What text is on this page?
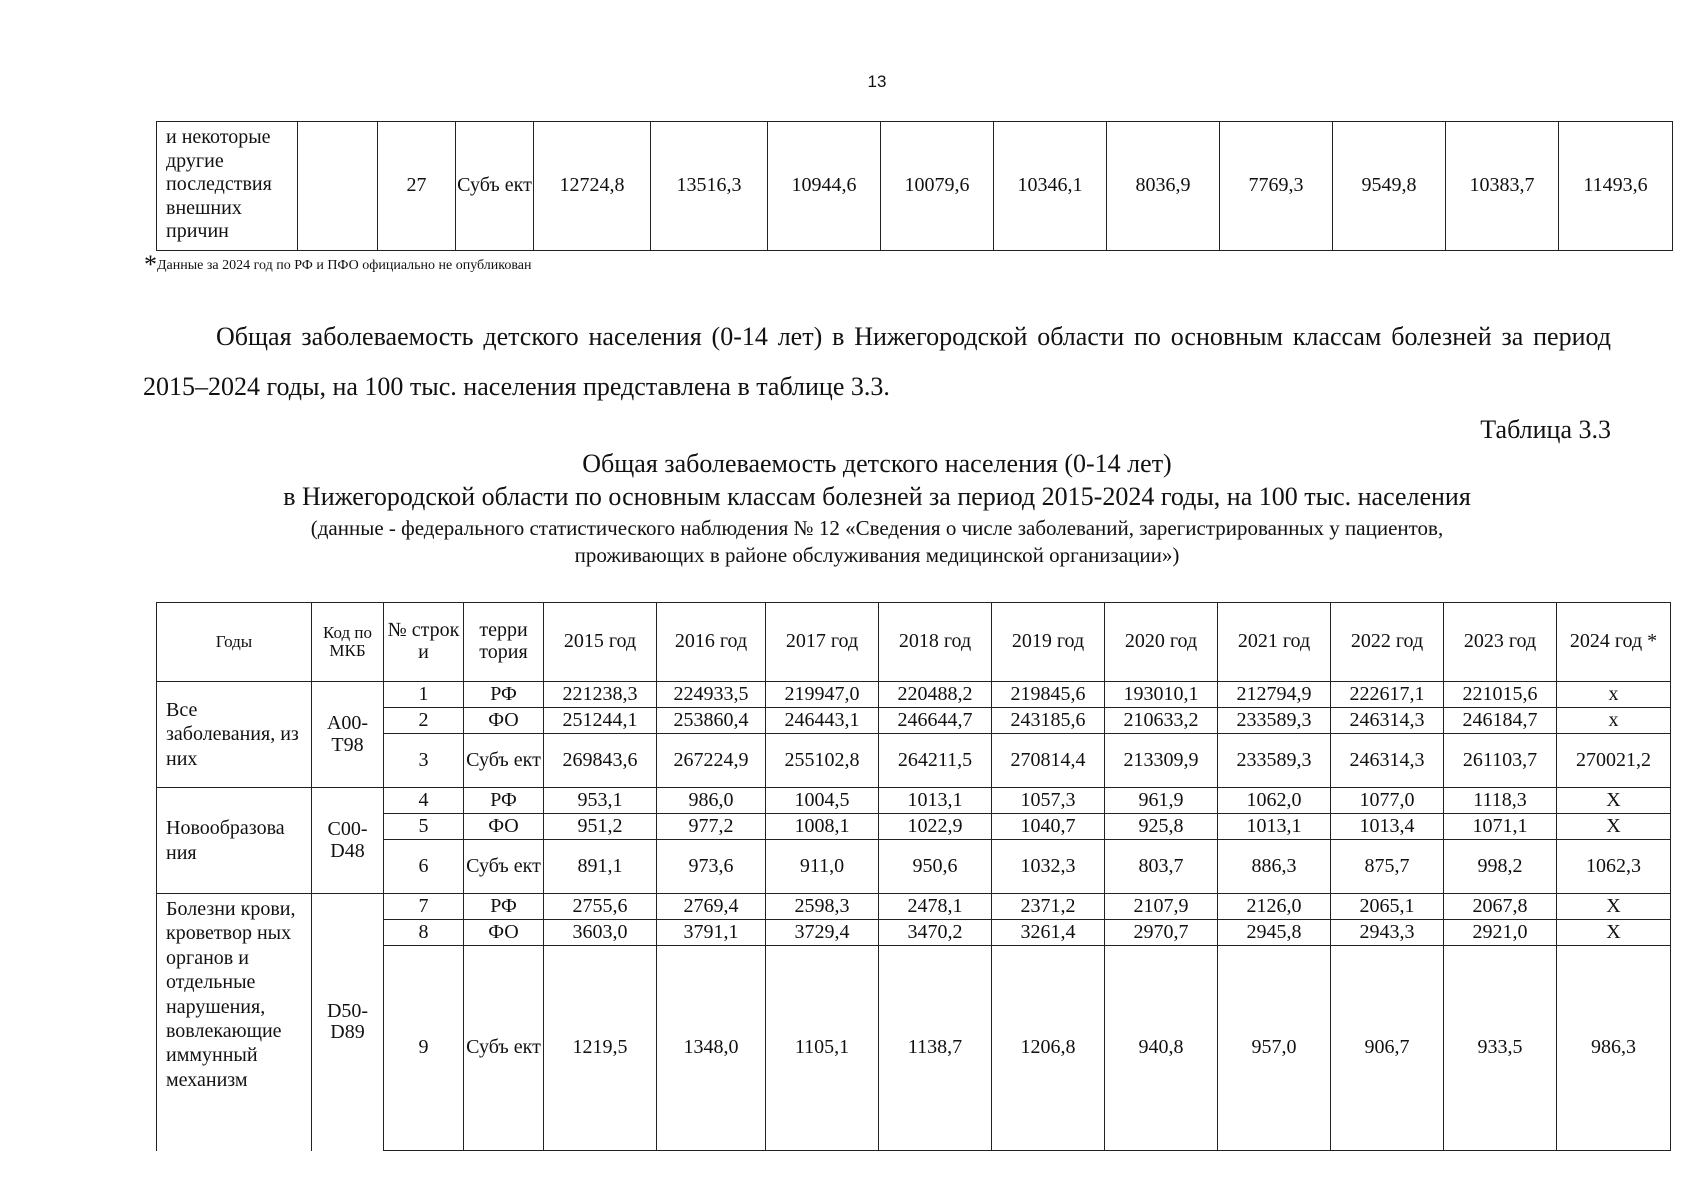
13
и некоторые другие последствия внешних причин		27	Субъ ект	12724,8	13516,3	10944,6	10079,6	10346,1	8036,9	7769,3	9549,8	10383,7	11493,6
*Данные за 2024 год по РФ и ПФО официально не опубликован
Общая заболеваемость детского населения (0-14 лет) в Нижегородской области по основным классам болезней за период 2015–2024 годы, на 100 тыс. населения представлена в таблице 3.3.
Таблица 3.3
Общая заболеваемость детского населения (0-14 лет)
в Нижегородской области по основным классам болезней за период 2015-2024 годы, на 100 тыс. населения
(данные - федерального статистического наблюдения № 12 «Сведения о числе заболеваний, зарегистрированных у пациентов,
проживающих в районе обслуживания медицинской организации»)
Годы	Код по МКБ	№ строк и	терри тория	2015 год	2016 год	2017 год	2018 год	2019 год	2020 год	2021 год	2022 год	2023 год	2024 год *
Все заболевания, из них	A00- T98	1	РФ	221238,3	224933,5	219947,0	220488,2	219845,6	193010,1	212794,9	222617,1	221015,6	x
		2	ФО	251244,1	253860,4	246443,1	246644,7	243185,6	210633,2	233589,3	246314,3	246184,7	x
		3	Субъ ект	269843,6	267224,9	255102,8	264211,5	270814,4	213309,9	233589,3	246314,3	261103,7	270021,2
Новообразова ния	C00- D48	4	РФ	953,1	986,0	1004,5	1013,1	1057,3	961,9	1062,0	1077,0	1118,3	X
		5	ФО	951,2	977,2	1008,1	1022,9	1040,7	925,8	1013,1	1013,4	1071,1	X
		6	Субъ ект	891,1	973,6	911,0	950,6	1032,3	803,7	886,3	875,7	998,2	1062,3
Болезни крови, кроветвор ных органов и отдельные нарушения, вовлекающие иммунный механизм	D50- D89	7	РФ	2755,6	2769,4	2598,3	2478,1	2371,2	2107,9	2126,0	2065,1	2067,8	X
		8	ФО	3603,0	3791,1	3729,4	3470,2	3261,4	2970,7	2945,8	2943,3	2921,0	X
		9	Субъ ект	1219,5	1348,0	1105,1	1138,7	1206,8	940,8	957,0	906,7	933,5	986,3
